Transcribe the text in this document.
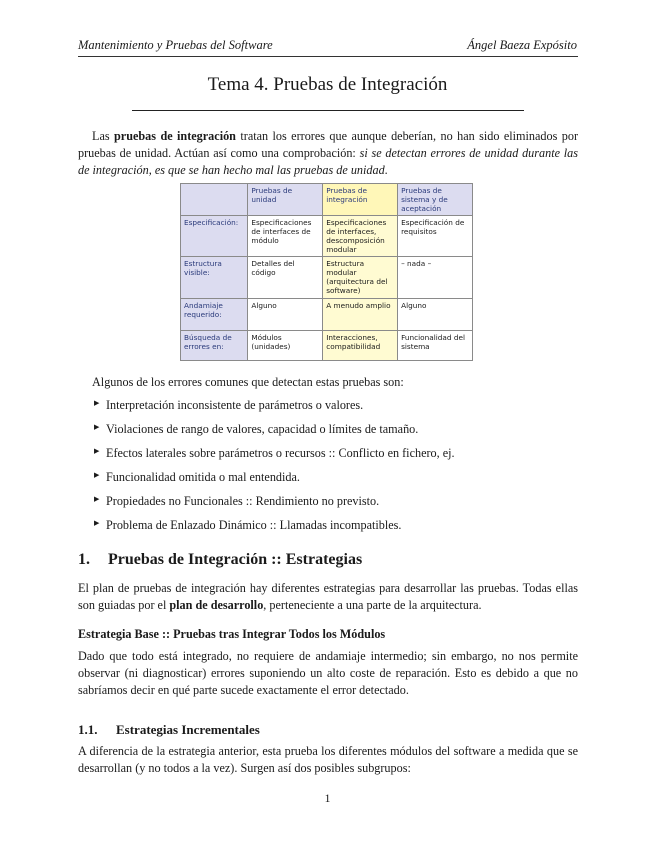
Mantenimiento y Pruebas del Software	Ángel Baeza Expósito
Tema 4. Pruebas de Integración
Las pruebas de integración tratan los errores que aunque deberían, no han sido eliminados por pruebas de unidad. Actúan así como una comprobación: si se detectan errores de unidad durante las de integración, es que se han hecho mal las pruebas de unidad.
	Pruebas de unidad	Pruebas de integración	Pruebas de sistema y de aceptación
Especificación:	Especificaciones de interfaces de módulo	Especificaciones de interfaces, descomposición modular	Especificación de requisitos
Estructura visible:	Detalles del código	Estructura modular (arquitectura del software)	– nada –
Andamiaje requerido:	Alguno	A menudo amplio	Alguno
Búsqueda de errores en:	Módulos (unidades)	Interacciones, compatibilidad	Funcionalidad del sistema
Algunos de los errores comunes que detectan estas pruebas son:
▶ Interpretación inconsistente de parámetros o valores.
▶ Violaciones de rango de valores, capacidad o límites de tamaño.
▶ Efectos laterales sobre parámetros o recursos :: Conflicto en fichero, ej.
▶ Funcionalidad omitida o mal entendida.
▶ Propiedades no Funcionales :: Rendimiento no previsto.
▶ Problema de Enlazado Dinámico :: Llamadas incompatibles.
1. Pruebas de Integración :: Estrategias
El plan de pruebas de integración hay diferentes estrategias para desarrollar las pruebas. Todas ellas son guiadas por el plan de desarrollo, perteneciente a una parte de la arquitectura.
Estrategia Base :: Pruebas tras Integrar Todos los Módulos
Dado que todo está integrado, no requiere de andamiaje intermedio; sin embargo, no nos permite observar (ni diagnosticar) errores suponiendo un alto coste de reparación. Esto es debido a que no sabríamos decir en qué parte sucede exactamente el error detectado.
1.1. Estrategias Incrementales
A diferencia de la estrategia anterior, esta prueba los diferentes módulos del software a medida que se desarrollan (y no todos a la vez). Surgen así dos posibles subgrupos:
1
